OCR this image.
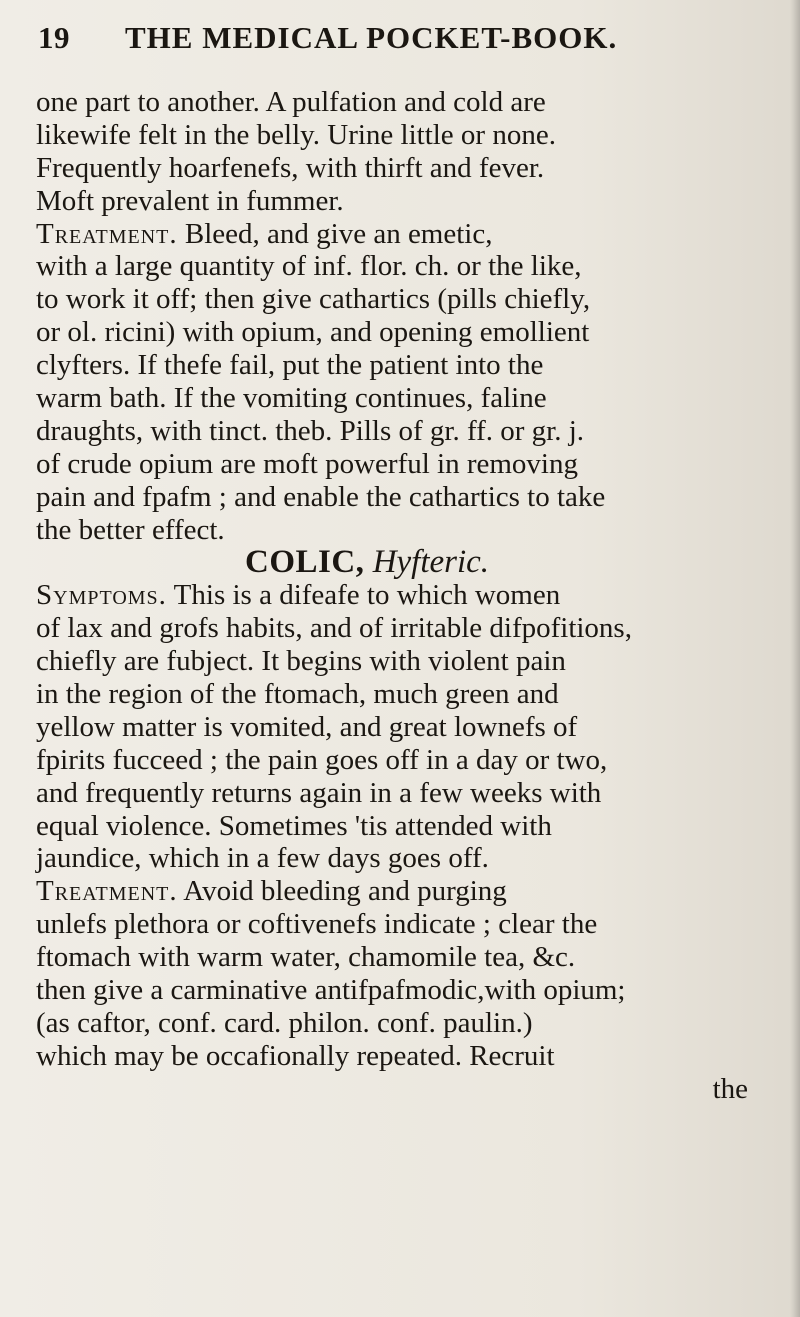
19 THE MEDICAL POCKET-BOOK.
one part to another. A pulfation and cold are
likewife felt in the belly. Urine little or none.
Frequently hoarfenefs, with thirft and fever.
Moft prevalent in fummer.
Treatment. Bleed, and give an emetic,
with a large quantity of inf. flor. ch. or the like,
to work it off; then give cathartics (pills chiefly,
or ol. ricini) with opium, and opening emollient
clyfters. If thefe fail, put the patient into the
warm bath. If the vomiting continues, faline
draughts, with tinct. theb. Pills of gr. ff. or gr. j.
of crude opium are moft powerful in removing
pain and fpafm ; and enable the cathartics to take
the better effect.
COLIC, Hyfteric.
Symptoms. This is a difeafe to which women
of lax and grofs habits, and of irritable difpofitions,
chiefly are fubject. It begins with violent pain
in the region of the ftomach, much green and
yellow matter is vomited, and great lownefs of
fpirits fucceed ; the pain goes off in a day or two,
and frequently returns again in a few weeks with
equal violence. Sometimes 'tis attended with
jaundice, which in a few days goes off.
Treatment. Avoid bleeding and purging
unlefs plethora or coftivenefs indicate ; clear the
ftomach with warm water, chamomile tea, &c.
then give a carminative antifpafmodic,with opium;
(as caftor, conf. card. philon. conf. paulin.)
which may be occafionally repeated. Recruit
the
